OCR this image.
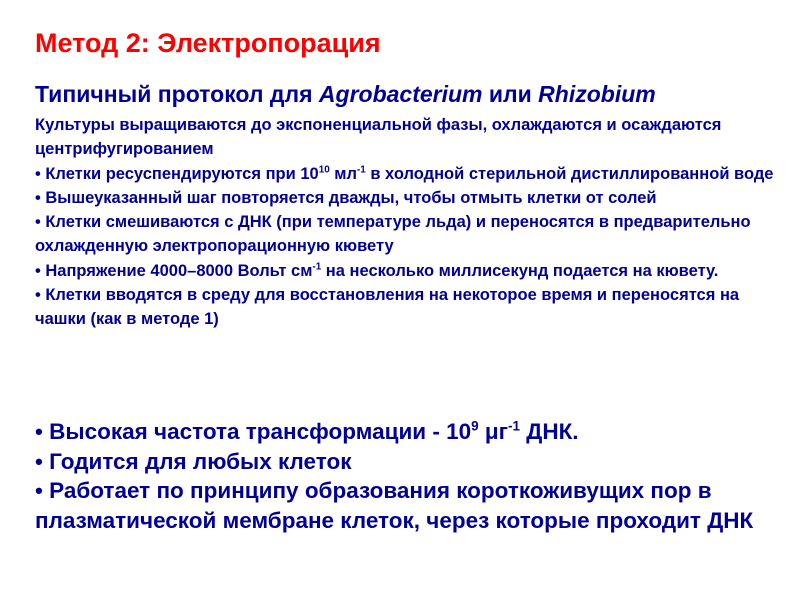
Метод 2: Электропорация
Типичный протокол для Agrobacterium или Rhizobium

Культуры выращиваются до экспоненциальной фазы, охлаждаются и осаждаются центрифугированием

• Клетки ресуспендируются при $10^{10}$ $мл^{-1}$ в холодной стерильной дистиллированной воде

• Вышеуказанный шаг повторяется дважды, чтобы отмыть клетки от солей

• Клетки смешиваются с ДНК (при температуре льда) и переносятся в предварительно охлажденную электропорационную кювету

• Напряжение 4000–8000 Вольт $см^{-1}$ на несколько миллисекунд подается на кювету.

• Клетки вводятся в среду для восстановления на некоторое время и переносятся на чашки (как в методе 1)

• Высокая частота трансформации - $10^9$ $\mu г^{-1}$ ДНК.

• Годится для любых клеток

• Работает по принципу образования короткоживущих пор в плазматической мембране клеток, через которые проходит ДНК
